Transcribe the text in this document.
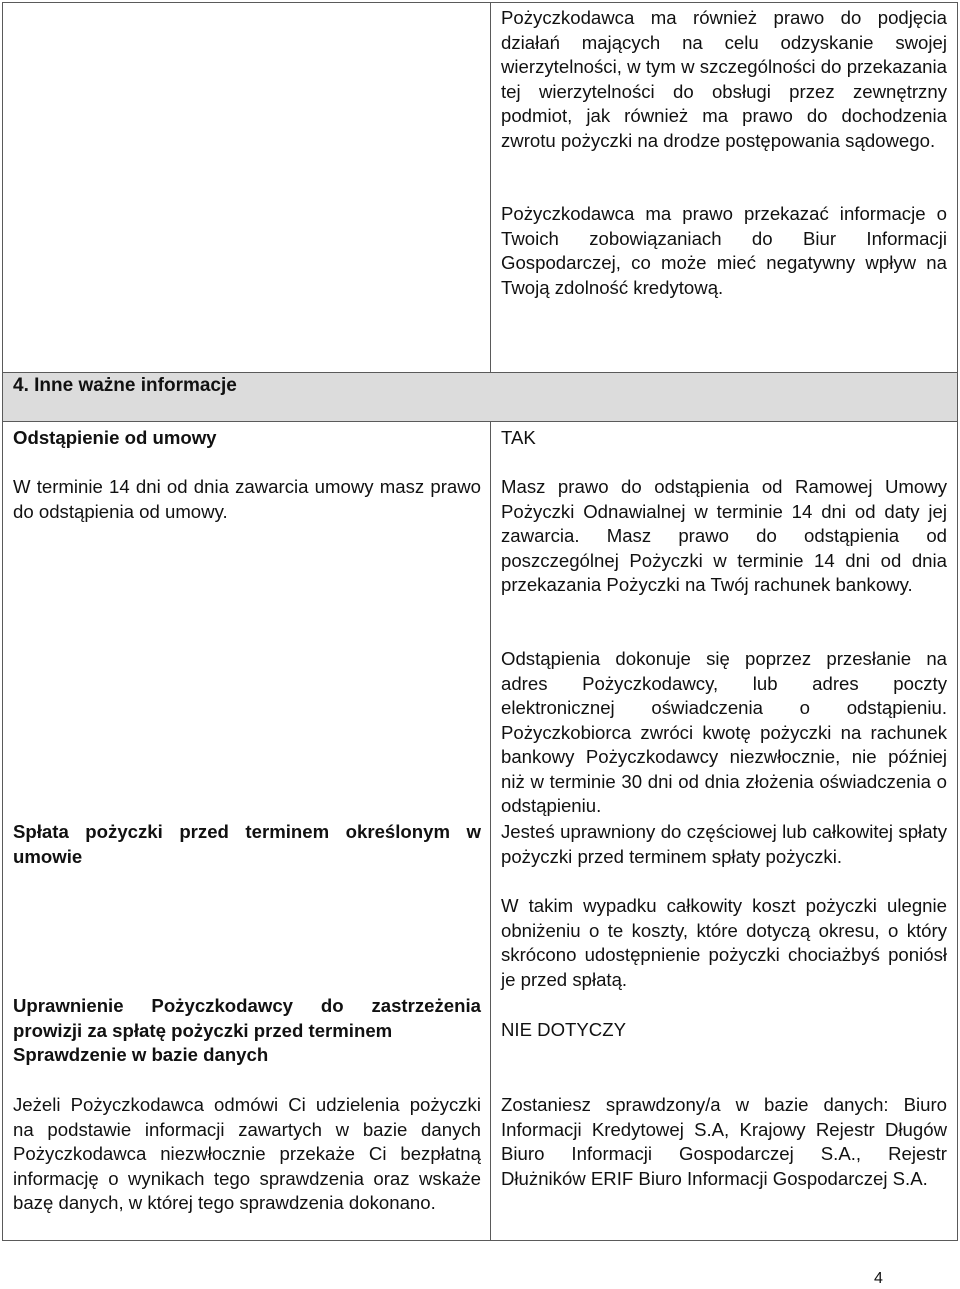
Pożyczkodawca ma również prawo do podjęcia działań mających na celu odzyskanie swojej wierzytelności, w tym w szczególności do przekazania tej wierzytelności do obsługi przez zewnętrzny podmiot, jak również ma prawo do dochodzenia zwrotu pożyczki na drodze postępowania sądowego.

Pożyczkodawca ma prawo przekazać informacje o Twoich zobowiązaniach do Biur Informacji Gospodarczej, co może mieć negatywny wpływ na Twoją zdolność kredytową.

4. Inne ważne informacje

Odstąpienie od umowy

W terminie 14 dni od dnia zawarcia umowy masz prawo do odstąpienia od umowy.

TAK

Masz prawo do odstąpienia od Ramowej Umowy Pożyczki Odnawialnej w terminie 14 dni od daty jej zawarcia. Masz prawo do odstąpienia od poszczególnej Pożyczki w terminie 14 dni od dnia przekazania Pożyczki na Twój rachunek bankowy.

Odstąpienia dokonuje się poprzez przesłanie na adres Pożyczkodawcy, lub adres poczty elektronicznej oświadczenia o odstąpieniu. Pożyczkobiorca zwróci kwotę pożyczki na rachunek bankowy Pożyczkodawcy niezwłocznie, nie później niż w terminie 30 dni od dnia złożenia oświadczenia o odstąpieniu.

Spłata pożyczki przed terminem określonym w umowie

Jesteś uprawniony do częściowej lub całkowitej spłaty pożyczki przed terminem spłaty pożyczki.

W takim wypadku całkowity koszt pożyczki ulegnie obniżeniu o te koszty, które dotyczą okresu, o który skrócono udostępnienie pożyczki chociażbyś poniósł je przed spłatą.

Uprawnienie Pożyczkodawcy do zastrzeżenia prowizji za spłatę pożyczki przed terminem	NIE DOTYCZY

Sprawdzenie w bazie danych

Jeżeli Pożyczkodawca odmówi Ci udzielenia pożyczki na podstawie informacji zawartych w bazie danych Pożyczkodawca niezwłocznie przekaże Ci bezpłatną informację o wynikach tego sprawdzenia oraz wskaże bazę danych, w której tego sprawdzenia dokonano.

Zostaniesz sprawdzony/a w bazie danych: Biuro Informacji Kredytowej S.A, Krajowy Rejestr Długów Biuro Informacji Gospodarczej S.A., Rejestr Dłużników ERIF Biuro Informacji Gospodarczej S.A.

4
